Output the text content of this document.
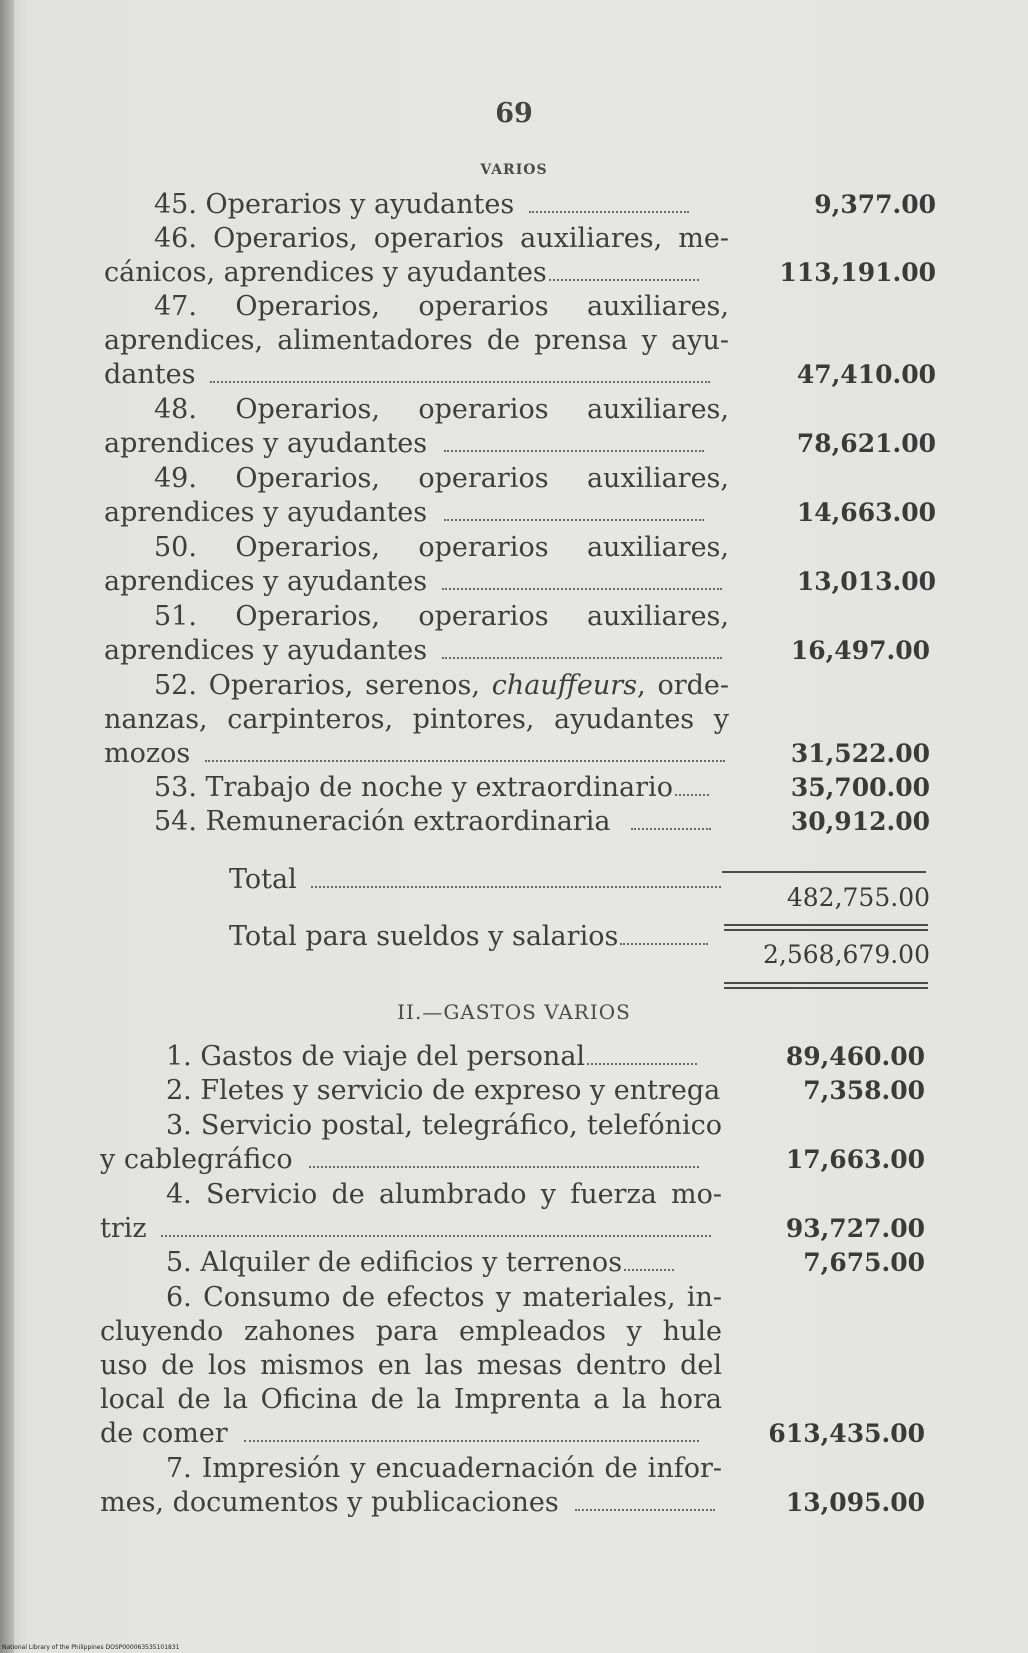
69
VARIOS
45. Operarios y ayudantes
46. Operarios, operarios auxiliares, me-
cánicos, aprendices y ayudantes
47. Operarios, operarios auxiliares,
aprendices, alimentadores de prensa y ayu-
dantes
48. Operarios, operarios auxiliares,
aprendices y ayudantes
49. Operarios, operarios auxiliares,
aprendices y ayudantes
50. Operarios, operarios auxiliares,
aprendices y ayudantes
51. Operarios, operarios auxiliares,
aprendices y ayudantes
52. Operarios, serenos, chauffeurs, orde-
nanzas, carpinteros, pintores, ayudantes y
mozos
53. Trabajo de noche y extraordinario
54. Remuneración extraordinaria
Total
Total para sueldos y salarios
9,377.00
113,191.00
47,410.00
78,621.00
14,663.00
13,013.00
16,497.00
31,522.00
35,700.00
30,912.00
482,755.00
2,568,679.00
II.—GASTOS VARIOS
1. Gastos de viaje del personal
2. Fletes y servicio de expreso y entrega
3. Servicio postal, telegráfico, telefónico
y cablegráfico
4. Servicio de alumbrado y fuerza mo-
triz
5. Alquiler de edificios y terrenos
6. Consumo de efectos y materiales, in-
cluyendo zahones para empleados y hule
uso de los mismos en las mesas dentro del
local de la Oficina de la Imprenta a la hora
de comer
7. Impresión y encuadernación de infor-
mes, documentos y publicaciones
89,460.00
7,358.00
17,663.00
93,727.00
7,675.00
613,435.00
13,095.00
National Library of the Philippines DOSP000063535101831
